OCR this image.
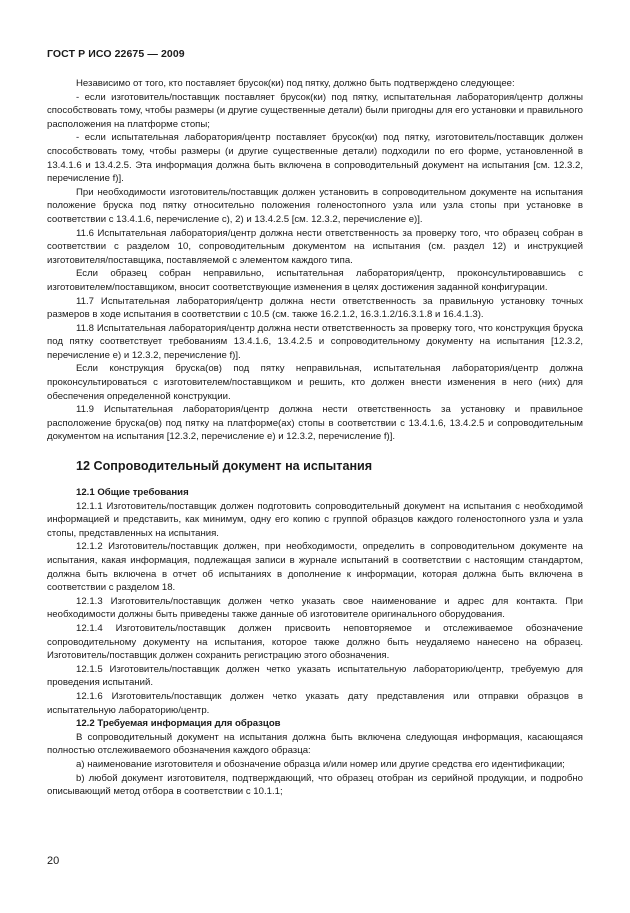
ГОСТ Р ИСО 22675 — 2009

Независимо от того, кто поставляет брусок(ки) под пятку, должно быть подтверждено следующее:

- если изготовитель/поставщик поставляет брусок(ки) под пятку, испытательная лаборатория/центр должны способствовать тому, чтобы размеры (и другие существенные детали) были пригодны для его установки и правильного расположения на платформе стопы;

- если испытательная лаборатория/центр поставляет брусок(ки) под пятку, изготовитель/поставщик должен способствовать тому, чтобы размеры (и другие существенные детали) подходили по его форме, установленной в 13.4.1.6 и 13.4.2.5. Эта информация должна быть включена в сопроводительный документ на испытания [см. 12.3.2, перечисление f)].

При необходимости изготовитель/поставщик должен установить в сопроводительном документе на испытания положение бруска под пятку относительно положения голеностопного узла или узла стопы при установке в соответствии с 13.4.1.6, перечисление c), 2) и 13.4.2.5 [см. 12.3.2, перечисление e)].

11.6 Испытательная лаборатория/центр должна нести ответственность за проверку того, что образец собран в соответствии с разделом 10, сопроводительным документом на испытания (см. раздел 12) и инструкцией изготовителя/поставщика, поставляемой с элементом каждого типа.

Если образец собран неправильно, испытательная лаборатория/центр, проконсультировавшись с изготовителем/поставщиком, вносит соответствующие изменения в целях достижения заданной конфигурации.

11.7 Испытательная лаборатория/центр должна нести ответственность за правильную установку точных размеров в ходе испытания в соответствии с 10.5 (см. также 16.2.1.2, 16.3.1.2/16.3.1.8 и 16.4.1.3).

11.8 Испытательная лаборатория/центр должна нести ответственность за проверку того, что конструкция бруска под пятку соответствует требованиям 13.4.1.6, 13.4.2.5 и сопроводительному документу на испытания [12.3.2, перечисление e) и 12.3.2, перечисление f)].

Если конструкция бруска(ов) под пятку неправильная, испытательная лаборатория/центр должна проконсультироваться с изготовителем/поставщиком и решить, кто должен внести изменения в него (них) для обеспечения определенной конструкции.

11.9 Испытательная лаборатория/центр должна нести ответственность за установку и правильное расположение бруска(ов) под пятку на платформе(ах) стопы в соответствии с 13.4.1.6, 13.4.2.5 и сопроводительным документом на испытания [12.3.2, перечисление e) и 12.3.2, перечисление f)].

12 Сопроводительный документ на испытания

12.1 Общие требования

12.1.1 Изготовитель/поставщик должен подготовить сопроводительный документ на испытания с необходимой информацией и представить, как минимум, одну его копию с группой образцов каждого голеностопного узла и узла стопы, представленных на испытания.

12.1.2 Изготовитель/поставщик должен, при необходимости, определить в сопроводительном документе на испытания, какая информация, подлежащая записи в журнале испытаний в соответствии с настоящим стандартом, должна быть включена в отчет об испытаниях в дополнение к информации, которая должна быть включена в соответствии с разделом 18.

12.1.3 Изготовитель/поставщик должен четко указать свое наименование и адрес для контакта. При необходимости должны быть приведены также данные об изготовителе оригинального оборудования.

12.1.4 Изготовитель/поставщик должен присвоить неповторяемое и отслеживаемое обозначение сопроводительному документу на испытания, которое также должно быть неудаляемо нанесено на образец. Изготовитель/поставщик должен сохранить регистрацию этого обозначения.

12.1.5 Изготовитель/поставщик должен четко указать испытательную лабораторию/центр, требуемую для проведения испытаний.

12.1.6 Изготовитель/поставщик должен четко указать дату представления или отправки образцов в испытательную лабораторию/центр.

12.2 Требуемая информация для образцов

В сопроводительный документ на испытания должна быть включена следующая информация, касающаяся полностью отслеживаемого обозначения каждого образца:

a) наименование изготовителя и обозначение образца и/или номер или другие средства его идентификации;

b) любой документ изготовителя, подтверждающий, что образец отобран из серийной продукции, и подробно описывающий метод отбора в соответствии с 10.1.1;

20
